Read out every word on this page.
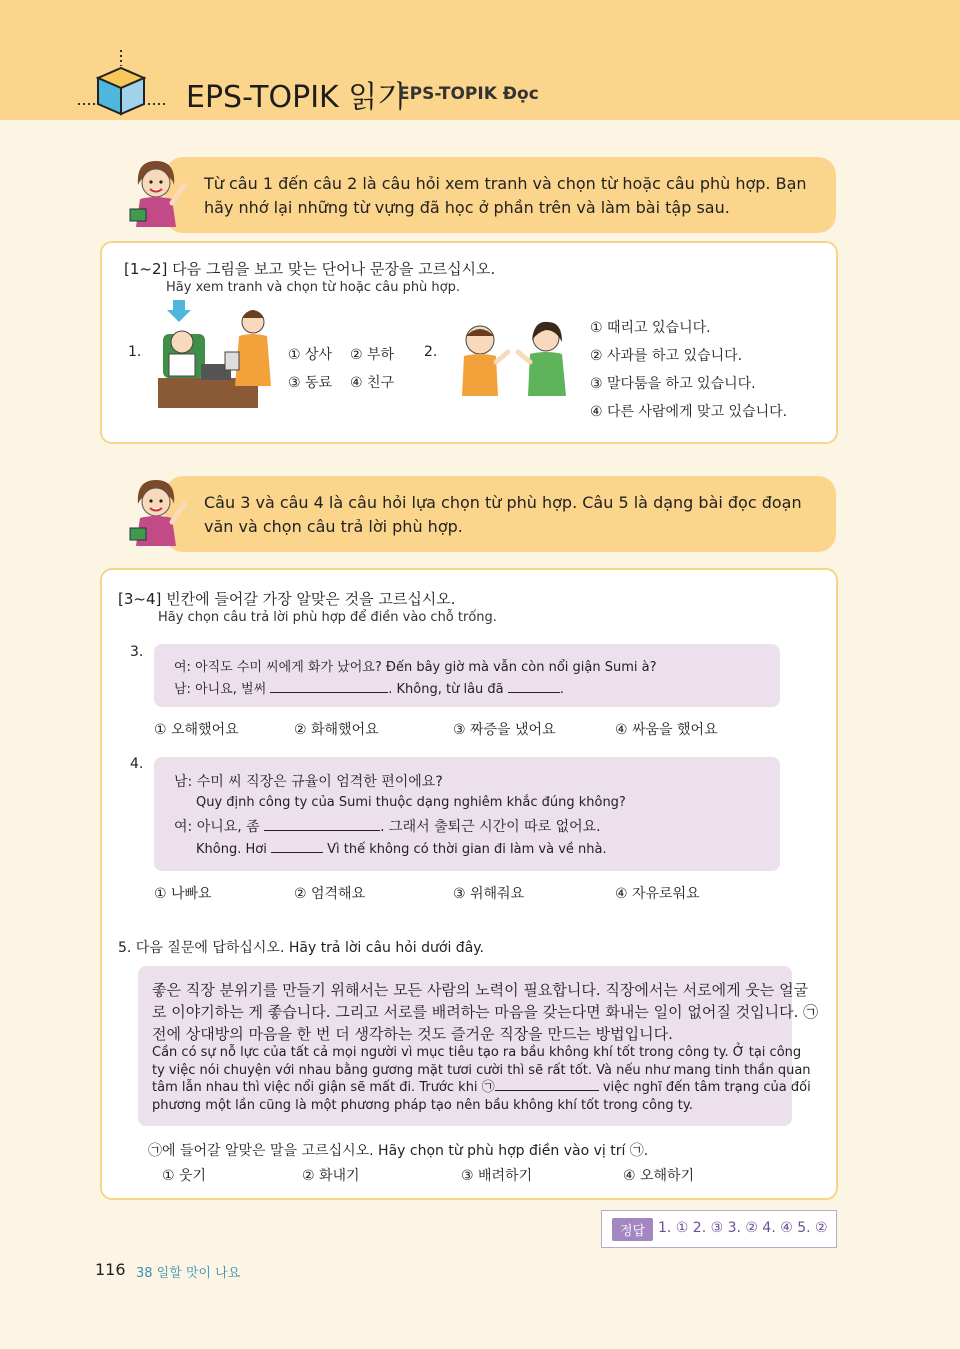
EPS-TOPIK 읽기
EPS-TOPIK Đọc
Từ câu 1 đến câu 2 là câu hỏi xem tranh và chọn từ hoặc câu phù hợp. Bạn
hãy nhớ lại những từ vựng đã học ở phần trên và làm bài tập sau.
[1~2] 다음 그림을 보고 맞는 단어나 문장을 고르십시오.
Hãy xem tranh và chọn từ hoặc câu phù hợp.
1.	① 상사 ② 부하
③ 동료 ④ 친구
2.
① 때리고 있습니다.
② 사과를 하고 있습니다.
③ 말다툼을 하고 있습니다.
④ 다른 사람에게 맞고 있습니다.
Câu 3 và câu 4 là câu hỏi lựa chọn từ phù hợp. Câu 5 là dạng bài đọc đoạn
văn và chọn câu trả lời phù hợp.
[3~4] 빈칸에 들어갈 가장 알맞은 것을 고르십시오.
Hãy chọn câu trả lời phù hợp để điền vào chỗ trống.
3.
여: 아직도 수미 씨에게 화가 났어요? Đến bây giờ mà vẫn còn nổi giận Sumi à?
남: 아니요, 벌써	. Không, từ lâu đã	.
① 오해했어요	② 화해했어요	③ 짜증을 냈어요	④ 싸움을 했어요
4.
남: 수미 씨 직장은 규율이 엄격한 편이에요?
Quy định công ty của Sumi thuộc dạng nghiêm khắc đúng không?
여: 아니요, 좀	. 그래서 출퇴근 시간이 따로 없어요.
Không. Hơi	Vì thế không có thời gian đi làm và về nhà.
① 나빠요	② 엄격해요	③ 위해줘요	④ 자유로워요
5. 다음 질문에 답하십시오. Hãy trả lời câu hỏi dưới đây.
좋은 직장 분위기를 만들기 위해서는 모든 사람의 노력이 필요합니다. 직장에서는 서로에게 웃는 얼굴
로 이야기하는 게 좋습니다. 그리고 서로를 배려하는 마음을 갖는다면 화내는 일이 없어질 것입니다. ㉠
전에 상대방의 마음을 한 번 더 생각하는 것도 즐거운 직장을 만드는 방법입니다.
Cần có sự nỗ lực của tất cả mọi người vì mục tiêu tạo ra bầu không khí tốt trong công ty. Ở tại công
ty việc nói chuyện với nhau bằng gương mặt tươi cười thì sẽ rất tốt. Và nếu như mang tinh thần quan
tâm lẫn nhau thì việc nổi giận sẽ mất đi. Trước khi ㉠	việc nghĩ đến tâm trạng của đối
phương một lần cũng là một phương pháp tạo nên bầu không khí tốt trong công ty.
㉠에 들어갈 알맞은 말을 고르십시오. Hãy chọn từ phù hợp điền vào vị trí ㉠.
① 웃기	② 화내기	③ 배려하기	④ 오해하기
정답 1. ① 2. ③ 3. ② 4. ④ 5. ②
116 38 일할 맛이 나요
